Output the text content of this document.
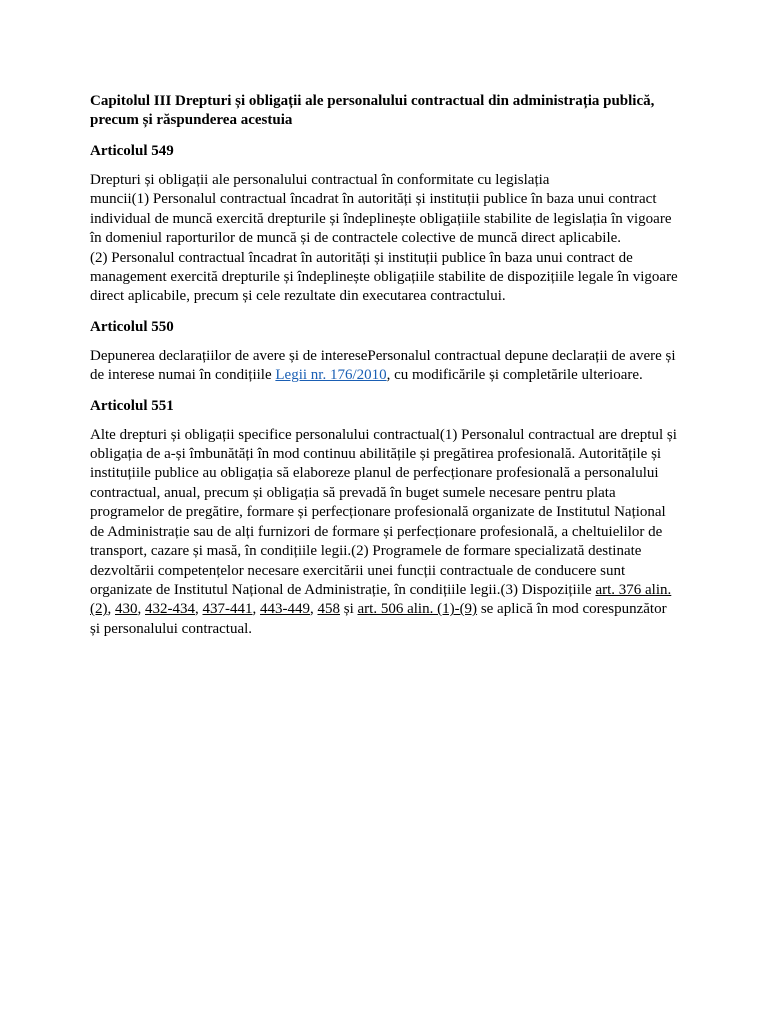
Capitolul III Drepturi și obligații ale personalului contractual din administrația publică, precum și răspunderea acestuia
Articolul 549

Drepturi și obligații ale personalului contractual în conformitate cu legislația

muncii(1) Personalul contractual încadrat în autorități și instituții publice în baza unui contract individual de muncă exercită drepturile și îndeplinește obligațiile stabilite de legislația în vigoare în domeniul raporturilor de muncă și de contractele colective de muncă direct aplicabile.

(2) Personalul contractual încadrat în autorități și instituții publice în baza unui contract de management exercită drepturile și îndeplinește obligațiile stabilite de dispozițiile legale în vigoare direct aplicabile, precum și cele rezultate din executarea contractului.

Articolul 550

Depunerea declarațiilor de avere și de interesePersonalul contractual depune declarații de avere și de interese numai în condițiile Legii nr. 176/2010, cu modificările și completările ulterioare.

Articolul 551

Alte drepturi și obligații specifice personalului contractual(1) Personalul contractual are dreptul și obligația de a-și îmbunătăți în mod continuu abilitățile și pregătirea profesională. Autoritățile și instituțiile publice au obligația să elaboreze planul de perfecționare profesională a personalului contractual, anual, precum și obligația să prevadă în buget sumele necesare pentru plata programelor de pregătire, formare și perfecționare profesională organizate de Institutul Național de Administrație sau de alți furnizori de formare și perfecționare profesională, a cheltuielilor de transport, cazare și masă, în condițiile legii.(2) Programele de formare specializată destinate dezvoltării competențelor necesare exercitării unei funcții contractuale de conducere sunt organizate de Institutul Național de Administrație, în condițiile legii.(3) Dispozițiile art. 376 alin. (2), 430, 432-434, 437-441, 443-449, 458 și art. 506 alin. (1)-(9) se aplică în mod corespunzător și personalului contractual.
